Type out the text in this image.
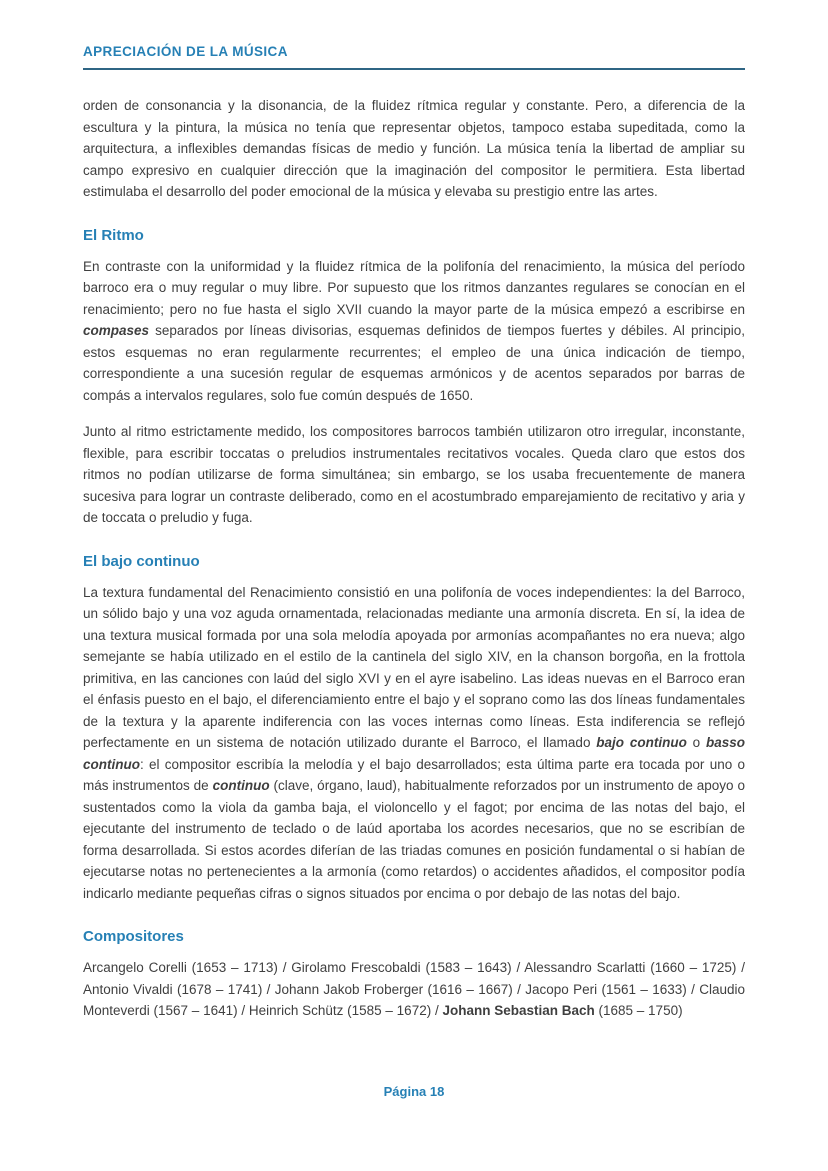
APRECIACIÓN DE LA MÚSICA

orden de consonancia y la disonancia, de la fluidez rítmica regular y constante. Pero, a diferencia de la escultura y la pintura, la música no tenía que representar objetos, tampoco estaba supeditada, como la arquitectura, a inflexibles demandas físicas de medio y función. La música tenía la libertad de ampliar su campo expresivo en cualquier dirección que la imaginación del compositor le permitiera. Esta libertad estimulaba el desarrollo del poder emocional de la música y elevaba su prestigio entre las artes.

El Ritmo

En contraste con la uniformidad y la fluidez rítmica de la polifonía del renacimiento, la música del período barroco era o muy regular o muy libre. Por supuesto que los ritmos danzantes regulares se conocían en el renacimiento; pero no fue hasta el siglo XVII cuando la mayor parte de la música empezó a escribirse en compases separados por líneas divisorias, esquemas definidos de tiempos fuertes y débiles. Al principio, estos esquemas no eran regularmente recurrentes; el empleo de una única indicación de tiempo, correspondiente a una sucesión regular de esquemas armónicos y de acentos separados por barras de compás a intervalos regulares, solo fue común después de 1650.

Junto al ritmo estrictamente medido, los compositores barrocos también utilizaron otro irregular, inconstante, flexible, para escribir toccatas o preludios instrumentales recitativos vocales. Queda claro que estos dos ritmos no podían utilizarse de forma simultánea; sin embargo, se los usaba frecuentemente de manera sucesiva para lograr un contraste deliberado, como en el acostumbrado emparejamiento de recitativo y aria y de toccata o preludio y fuga.

El bajo continuo

La textura fundamental del Renacimiento consistió en una polifonía de voces independientes: la del Barroco, un sólido bajo y una voz aguda ornamentada, relacionadas mediante una armonía discreta. En sí, la idea de una textura musical formada por una sola melodía apoyada por armonías acompañantes no era nueva; algo semejante se había utilizado en el estilo de la cantinela del siglo XIV, en la chanson borgoña, en la frottola primitiva, en las canciones con laúd del siglo XVI y en el ayre isabelino. Las ideas nuevas en el Barroco eran el énfasis puesto en el bajo, el diferenciamiento entre el bajo y el soprano como las dos líneas fundamentales de la textura y la aparente indiferencia con las voces internas como líneas. Esta indiferencia se reflejó perfectamente en un sistema de notación utilizado durante el Barroco, el llamado bajo continuo o basso continuo: el compositor escribía la melodía y el bajo desarrollados; esta última parte era tocada por uno o más instrumentos de continuo (clave, órgano, laud), habitualmente reforzados por un instrumento de apoyo o sustentados como la viola da gamba baja, el violoncello y el fagot; por encima de las notas del bajo, el ejecutante del instrumento de teclado o de laúd aportaba los acordes necesarios, que no se escribían de forma desarrollada. Si estos acordes diferían de las triadas comunes en posición fundamental o si habían de ejecutarse notas no pertenecientes a la armonía (como retardos) o accidentes añadidos, el compositor podía indicarlo mediante pequeñas cifras o signos situados por encima o por debajo de las notas del bajo.

Compositores

Arcangelo Corelli (1653 – 1713) / Girolamo Frescobaldi (1583 – 1643) / Alessandro Scarlatti (1660 – 1725) / Antonio Vivaldi (1678 – 1741) / Johann Jakob Froberger (1616 – 1667) / Jacopo Peri (1561 – 1633) / Claudio Monteverdi (1567 – 1641) / Heinrich Schütz (1585 – 1672) / Johann Sebastian Bach (1685 – 1750)

Página 18
